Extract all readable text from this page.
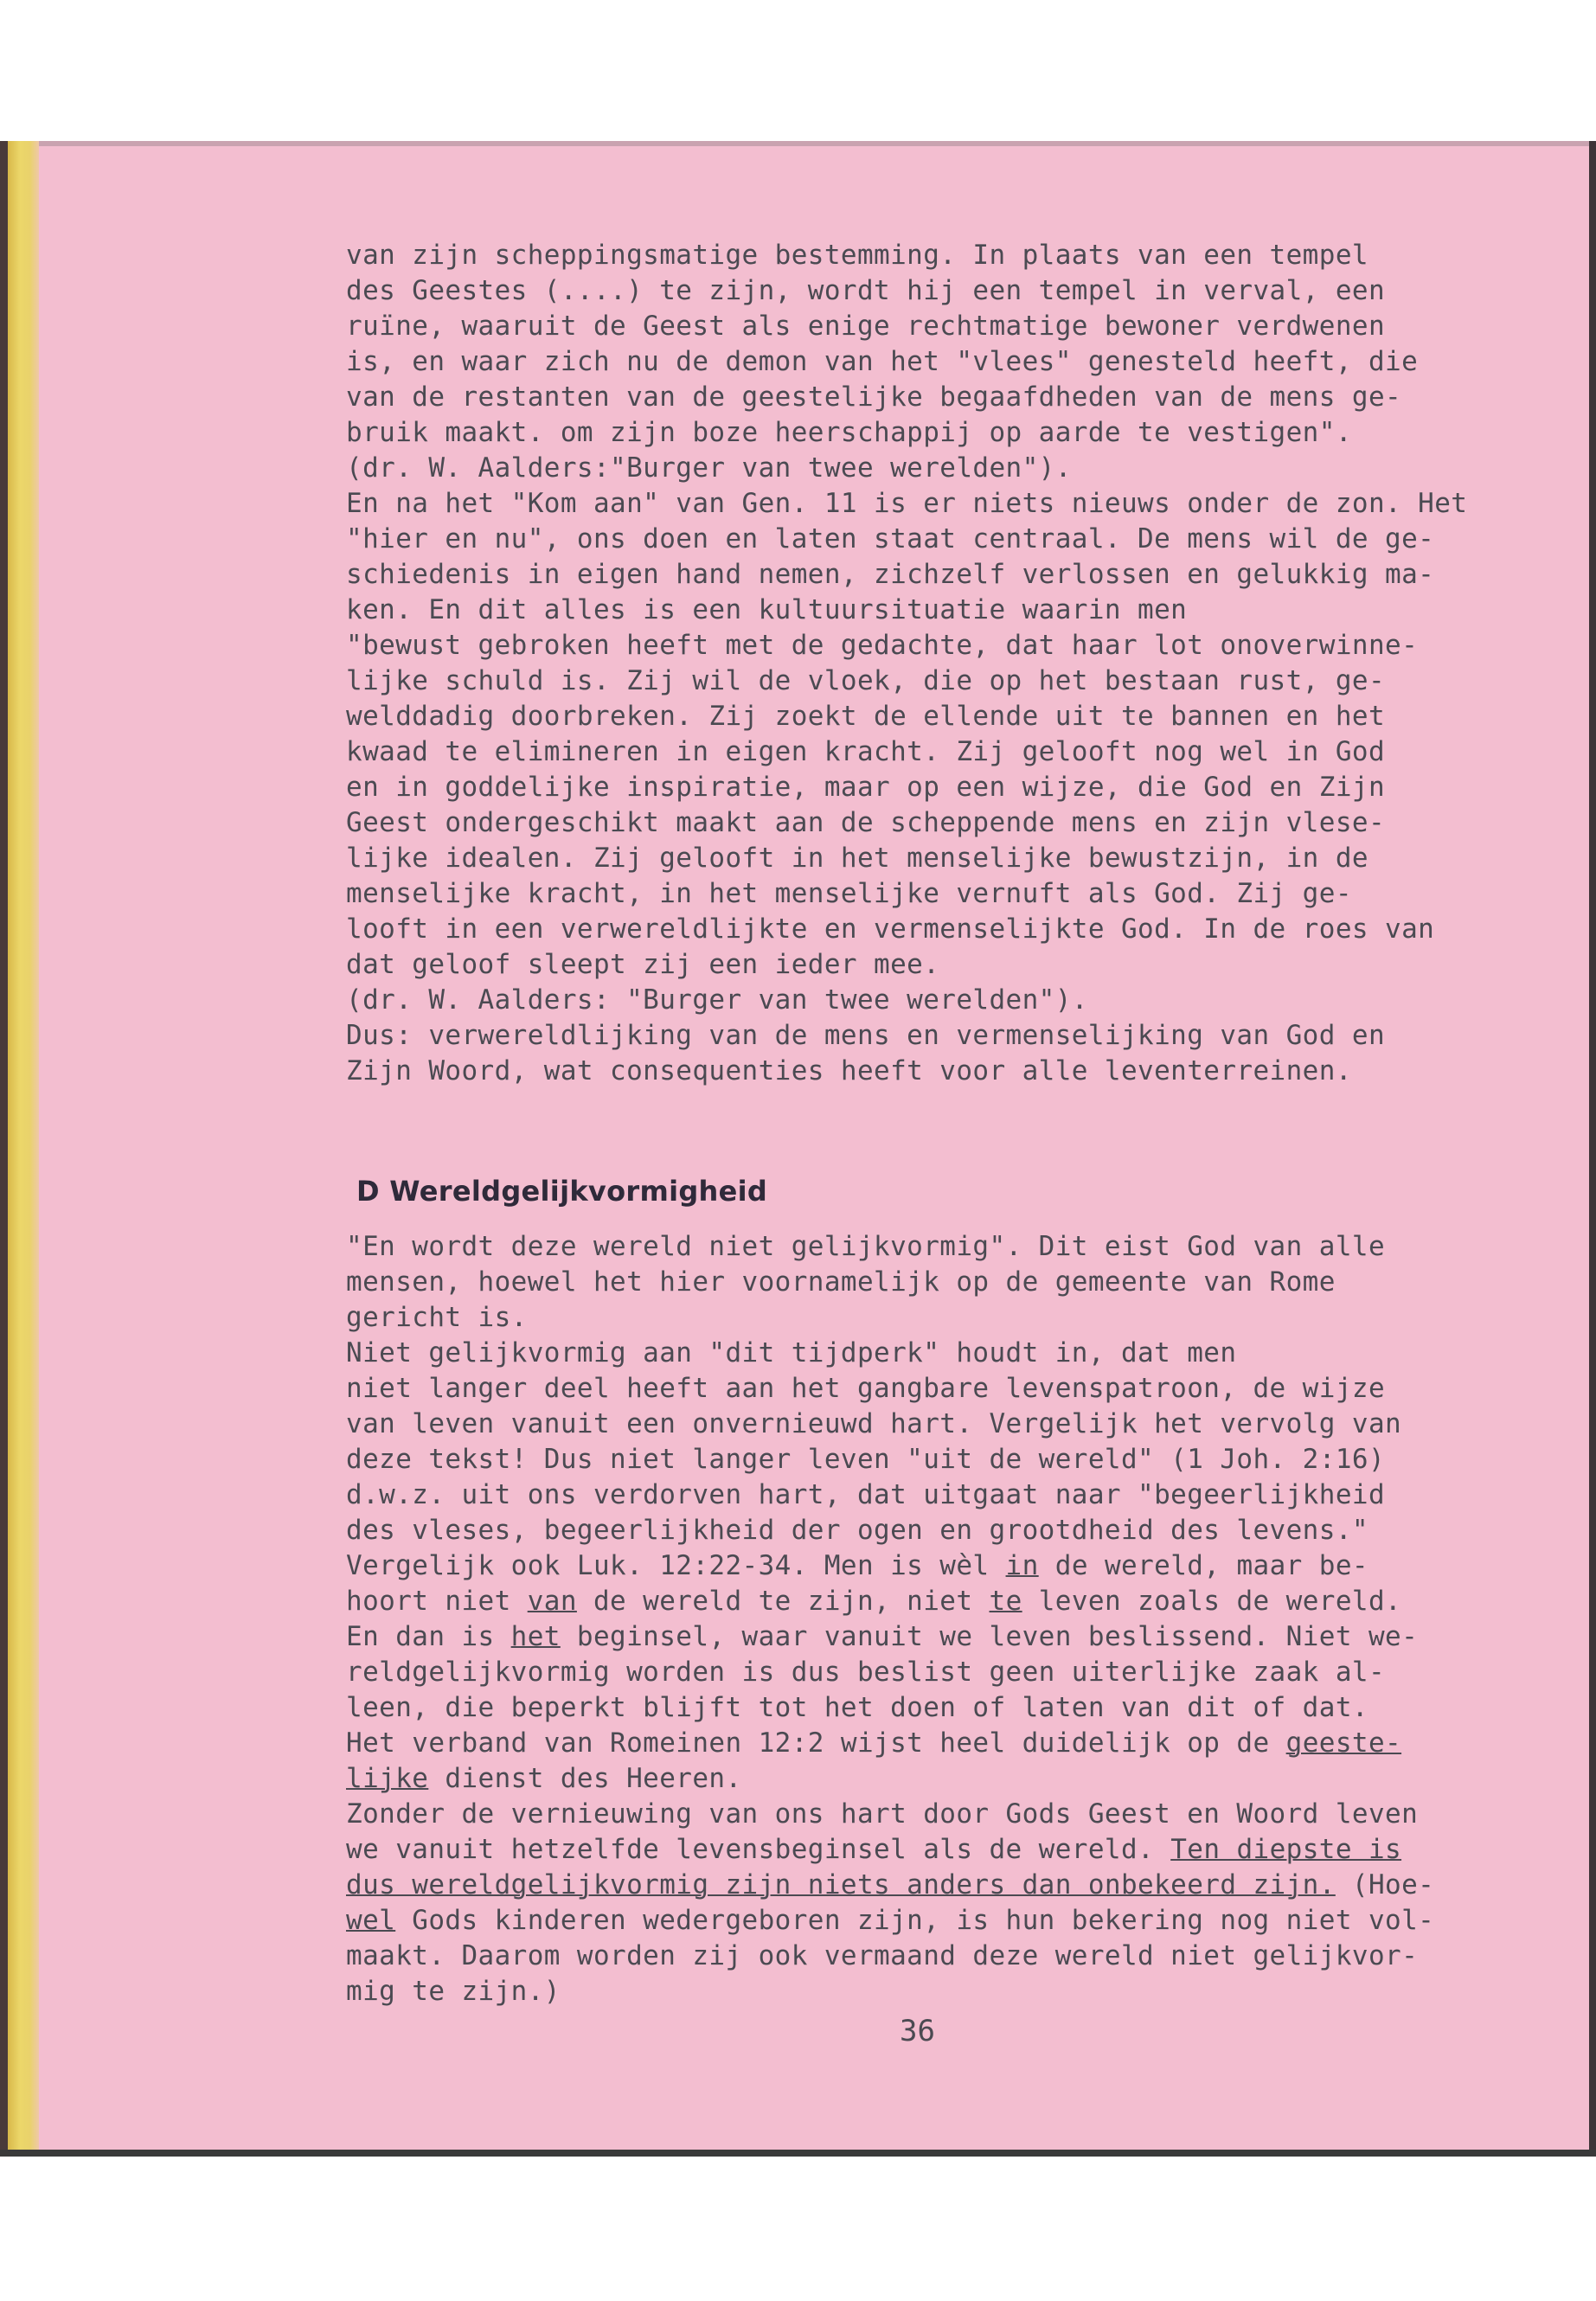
van zijn scheppingsmatige bestemming. In plaats van een tempel
des Geestes (....) te zijn, wordt hij een tempel in verval, een
ruïne, waaruit de Geest als enige rechtmatige bewoner verdwenen
is, en waar zich nu de demon van het "vlees" genesteld heeft, die
van de restanten van de geestelijke begaafdheden van de mens ge-
bruik maakt. om zijn boze heerschappij op aarde te vestigen".
(dr. W. Aalders:"Burger van twee werelden").
En na het "Kom aan" van Gen. 11 is er niets nieuws onder de zon. Het
"hier en nu", ons doen en laten staat centraal. De mens wil de ge-
schiedenis in eigen hand nemen, zichzelf verlossen en gelukkig ma-
ken. En dit alles is een kultuursituatie waarin men
"bewust gebroken heeft met de gedachte, dat haar lot onoverwinne-
lijke schuld is. Zij wil de vloek, die op het bestaan rust, ge-
welddadig doorbreken. Zij zoekt de ellende uit te bannen en het
kwaad te elimineren in eigen kracht. Zij gelooft nog wel in God
en in goddelijke inspiratie, maar op een wijze, die God en Zijn
Geest ondergeschikt maakt aan de scheppende mens en zijn vlese-
lijke idealen. Zij gelooft in het menselijke bewustzijn, in de
menselijke kracht, in het menselijke vernuft als God. Zij ge-
looft in een verwereldlijkte en vermenselijkte God. In de roes van
dat geloof sleept zij een ieder mee.
(dr. W. Aalders: "Burger van twee werelden").
Dus: verwereldlijking van de mens en vermenselijking van God en
Zijn Woord, wat consequenties heeft voor alle leventerreinen.
D Wereldgelijkvormigheid
"En wordt deze wereld niet gelijkvormig". Dit eist God van alle
mensen, hoewel het hier voornamelijk op de gemeente van Rome
gericht is.
Niet gelijkvormig aan "dit tijdperk" houdt in, dat men
niet langer deel heeft aan het gangbare levenspatroon, de wijze
van leven vanuit een onvernieuwd hart. Vergelijk het vervolg van
deze tekst! Dus niet langer leven "uit de wereld" (1 Joh. 2:16)
d.w.z. uit ons verdorven hart, dat uitgaat naar "begeerlijkheid
des vleses, begeerlijkheid der ogen en grootdheid des levens."
Vergelijk ook Luk. 12:22-34. Men is wèl in de wereld, maar be-
hoort niet van de wereld te zijn, niet te leven zoals de wereld.
En dan is het beginsel, waar vanuit we leven beslissend. Niet we-
reldgelijkvormig worden is dus beslist geen uiterlijke zaak al-
leen, die beperkt blijft tot het doen of laten van dit of dat.
Het verband van Romeinen 12:2 wijst heel duidelijk op de geeste-
lijke dienst des Heeren.
Zonder de vernieuwing van ons hart door Gods Geest en Woord leven
we vanuit hetzelfde levensbeginsel als de wereld. Ten diepste is
dus wereldgelijkvormig zijn niets anders dan onbekeerd zijn. (Hoe-
wel Gods kinderen wedergeboren zijn, is hun bekering nog niet vol-
maakt. Daarom worden zij ook vermaand deze wereld niet gelijkvor-
mig te zijn.)
36
